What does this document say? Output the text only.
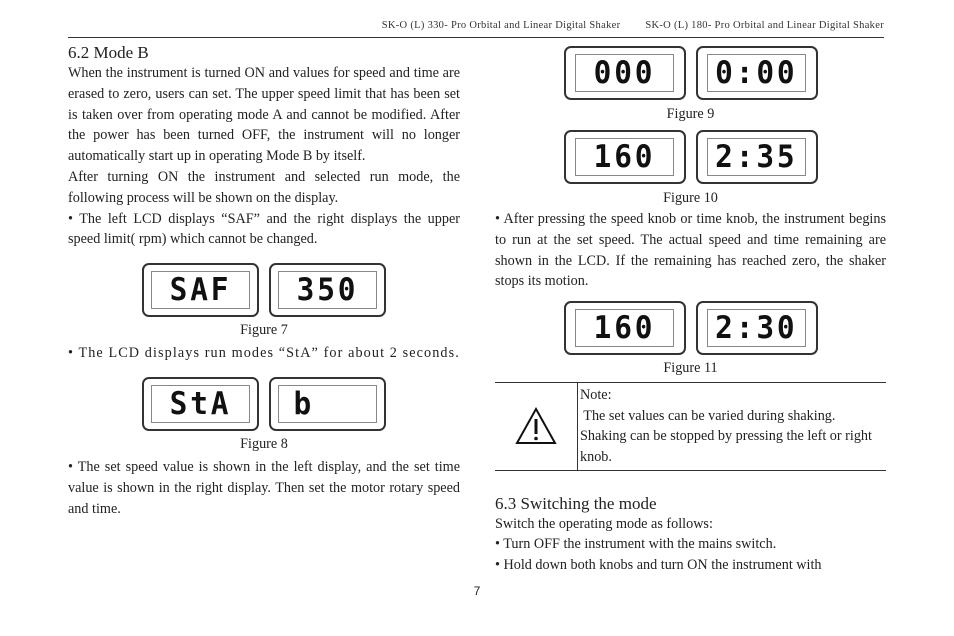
SK-O (L) 330- Pro Orbital and Linear Digital Shaker SK-O (L) 180- Pro Orbital and Linear Digital Shaker
6.2 Mode B

When the instrument is turned ON and values for speed and time are erased to zero, users can set. The upper speed limit that has been set is taken over from operating mode A and cannot be modified. After the power has been turned OFF, the instrument will no longer automatically start up in operating Mode B by itself.

After turning ON the instrument and selected run mode, the following process will be shown on the display.

• The left LCD displays “SAF” and the right displays the upper speed limit( rpm) which cannot be changed.

SAF 350
Figure 7

• The LCD displays run modes “StA” for about 2 seconds.

StA b
Figure 8

• The set speed value is shown in the left display, and the set time value is shown in the right display. Then set the motor rotary speed and time.

000 0:00
Figure 9
160 2:35
Figure 10

• After pressing the speed knob or time knob, the instrument begins to run at the set speed. The actual speed and time remaining are shown in the LCD. If the remaining has reached zero, the shaker stops its motion.

160 2:30
Figure 11

Note:

The set values can be varied during shaking.

Shaking can be stopped by pressing the left or right knob.

6.3 Switching the mode

Switch the operating mode as follows:

• Turn OFF the instrument with the mains switch.

• Hold down both knobs and turn ON the instrument with

7
